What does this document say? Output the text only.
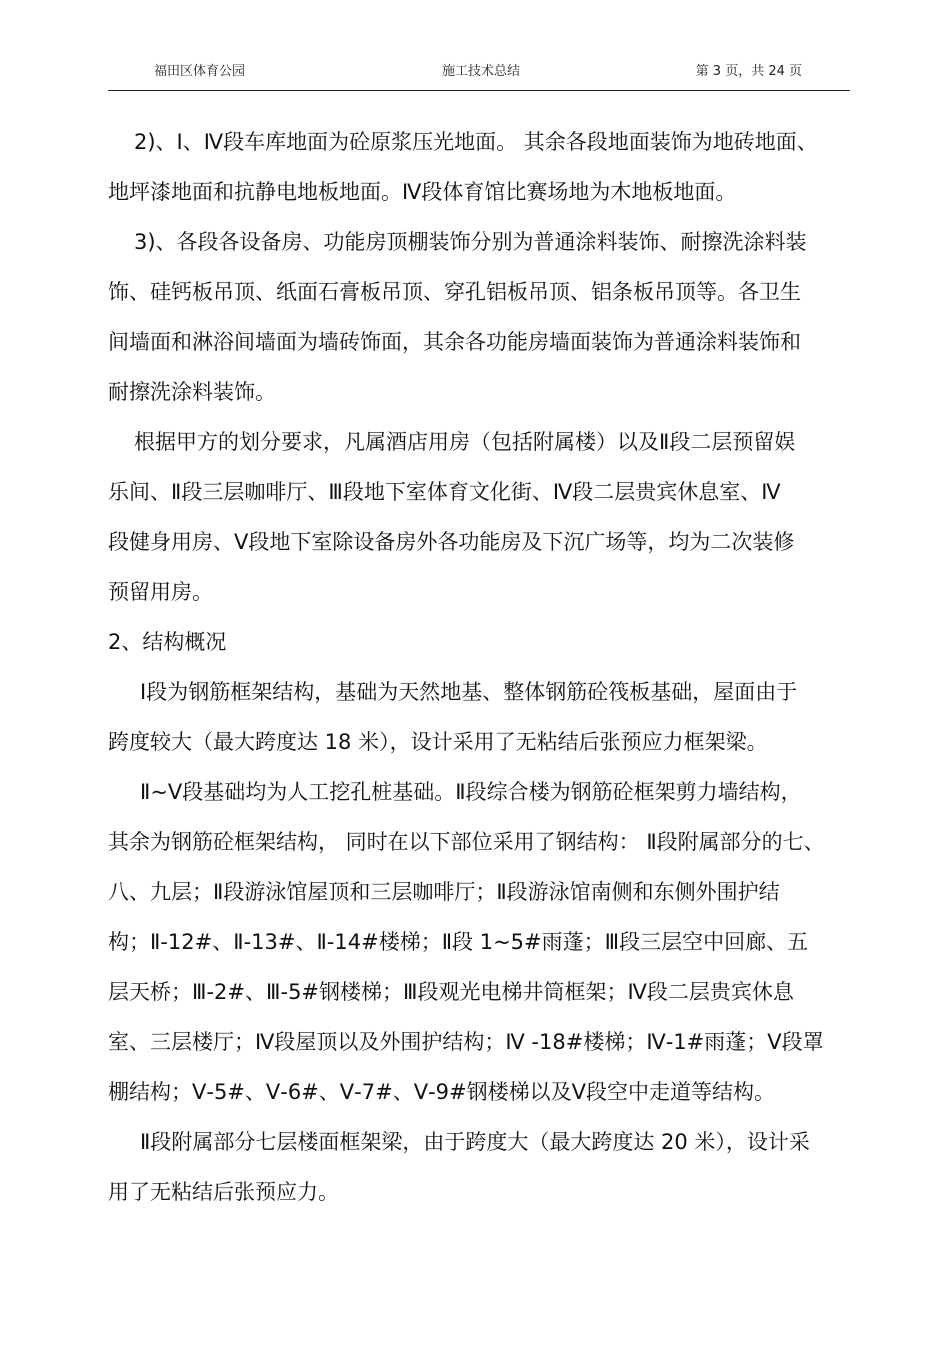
福田区体育公园	施工技术总结	第 3 页，共 24 页
2)、Ⅰ、Ⅳ段车库地面为砼原浆压光地面。 其余各段地面装饰为地砖地面、
地坪漆地面和抗静电地板地面。Ⅳ段体育馆比赛场地为木地板地面。
3)、各段各设备房、功能房顶棚装饰分别为普通涂料装饰、耐擦洗涂料装
饰、硅钙板吊顶、纸面石膏板吊顶、穿孔铝板吊顶、铝条板吊顶等。各卫生
间墙面和淋浴间墙面为墙砖饰面，其余各功能房墙面装饰为普通涂料装饰和
耐擦洗涂料装饰。
根据甲方的划分要求，凡属酒店用房（包括附属楼）以及Ⅱ段二层预留娱
乐间、Ⅱ段三层咖啡厅、Ⅲ段地下室体育文化街、Ⅳ段二层贵宾休息室、Ⅳ
段健身用房、Ⅴ段地下室除设备房外各功能房及下沉广场等，均为二次装修
预留用房。
2、结构概况
Ⅰ段为钢筋框架结构，基础为天然地基、整体钢筋砼筏板基础，屋面由于
跨度较大（最大跨度达 18 米），设计采用了无粘结后张预应力框架梁。
Ⅱ~Ⅴ段基础均为人工挖孔桩基础。Ⅱ段综合楼为钢筋砼框架剪力墙结构，
其余为钢筋砼框架结构， 同时在以下部位采用了钢结构： Ⅱ段附属部分的七、
八、九层；Ⅱ段游泳馆屋顶和三层咖啡厅；Ⅱ段游泳馆南侧和东侧外围护结
构；Ⅱ-12#、Ⅱ-13#、Ⅱ-14#楼梯；Ⅱ段 1~5#雨蓬；Ⅲ段三层空中回廊、五
层天桥；Ⅲ-2#、Ⅲ-5#钢楼梯；Ⅲ段观光电梯井筒框架；Ⅳ段二层贵宾休息
室、三层楼厅；Ⅳ段屋顶以及外围护结构；Ⅳ -18#楼梯；Ⅳ-1#雨蓬；Ⅴ段罩
棚结构；Ⅴ-5#、Ⅴ-6#、Ⅴ-7#、Ⅴ-9#钢楼梯以及Ⅴ段空中走道等结构。
Ⅱ段附属部分七层楼面框架梁，由于跨度大（最大跨度达 20 米），设计采
用了无粘结后张预应力。
